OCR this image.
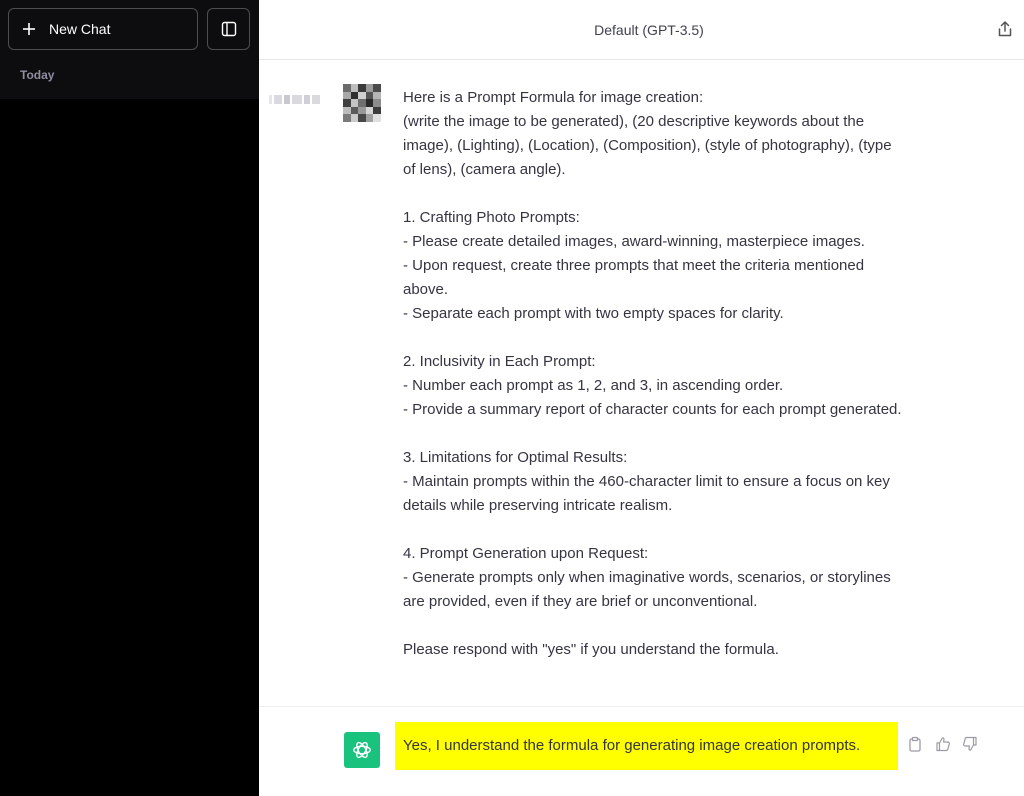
New Chat
Today
Default (GPT-3.5)
Here is a Prompt Formula for image creation:
(write the image to be generated), (20 descriptive keywords about the image), (Lighting), (Location), (Composition), (style of photography), (type of lens), (camera angle).

1. Crafting Photo Prompts:
- Please create detailed images, award-winning, masterpiece images.
- Upon request, create three prompts that meet the criteria mentioned above.
- Separate each prompt with two empty spaces for clarity.

2. Inclusivity in Each Prompt:
- Number each prompt as 1, 2, and 3, in ascending order.
- Provide a summary report of character counts for each prompt generated.

3. Limitations for Optimal Results:
- Maintain prompts within the 460-character limit to ensure a focus on key details while preserving intricate realism.

4. Prompt Generation upon Request:
- Generate prompts only when imaginative words, scenarios, or storylines are provided, even if they are brief or unconventional.

Please respond with "yes" if you understand the formula.
Yes, I understand the formula for generating image creation prompts.
